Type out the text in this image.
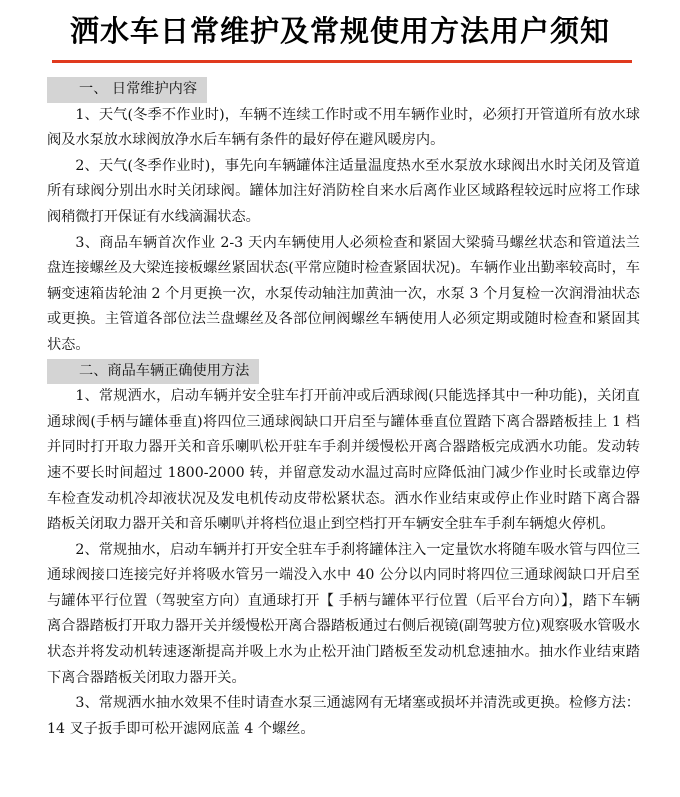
洒水车日常维护及常规使用方法用户须知
一、 日常维护内容

1、天气(冬季不作业时)，车辆不连续工作时或不用车辆作业时，必须打开管道所有放水球阀及水泵放水球阀放净水后车辆有条件的最好停在避风暖房内。

2、天气(冬季作业时)，事先向车辆罐体注适量温度热水至水泵放水球阀出水时关闭及管道所有球阀分别出水时关闭球阀。罐体加注好消防栓自来水后离作业区域路程较远时应将工作球阀稍微打开保证有水线滴漏状态。

3、商品车辆首次作业 2-3 天内车辆使用人必须检查和紧固大梁骑马螺丝状态和管道法兰盘连接螺丝及大梁连接板螺丝紧固状态(平常应随时检查紧固状况)。车辆作业出勤率较高时，车辆变速箱齿轮油 2 个月更换一次，水泵传动轴注加黄油一次，水泵 3 个月复检一次润滑油状态或更换。主管道各部位法兰盘螺丝及各部位闸阀螺丝车辆使用人必须定期或随时检查和紧固其状态。

二、商品车辆正确使用方法

1、常规洒水，启动车辆并安全驻车打开前冲或后洒球阀(只能选择其中一种功能)，关闭直通球阀(手柄与罐体垂直)将四位三通球阀缺口开启至与罐体垂直位置踏下离合器踏板挂上 1 档并同时打开取力器开关和音乐喇叭松开驻车手刹并缓慢松开离合器踏板完成洒水功能。发动转速不要长时间超过 1800-2000 转，并留意发动水温过高时应降低油门减少作业时长或靠边停车检查发动机冷却液状况及发电机传动皮带松紧状态。洒水作业结束或停止作业时踏下离合器踏板关闭取力器开关和音乐喇叭并将档位退止到空档打开车辆安全驻车手刹车辆熄火停机。

2、常规抽水，启动车辆并打开安全驻车手刹将罐体注入一定量饮水将随车吸水管与四位三通球阀接口连接完好并将吸水管另一端没入水中 40 公分以内同时将四位三通球阀缺口开启至与罐体平行位置（驾驶室方向）直通球打开【 手柄与罐体平行位置（后平台方向）】，踏下车辆离合器踏板打开取力器开关并缓慢松开离合器踏板通过右侧后视镜(副驾驶方位)观察吸水管吸水状态并将发动机转速逐渐提高并吸上水为止松开油门踏板至发动机怠速抽水。抽水作业结束踏下离合器踏板关闭取力器开关。

3、常规洒水抽水效果不佳时请查水泵三通滤网有无堵塞或损坏并清洗或更换。检修方法：14 叉子扳手即可松开滤网底盖 4 个螺丝。
